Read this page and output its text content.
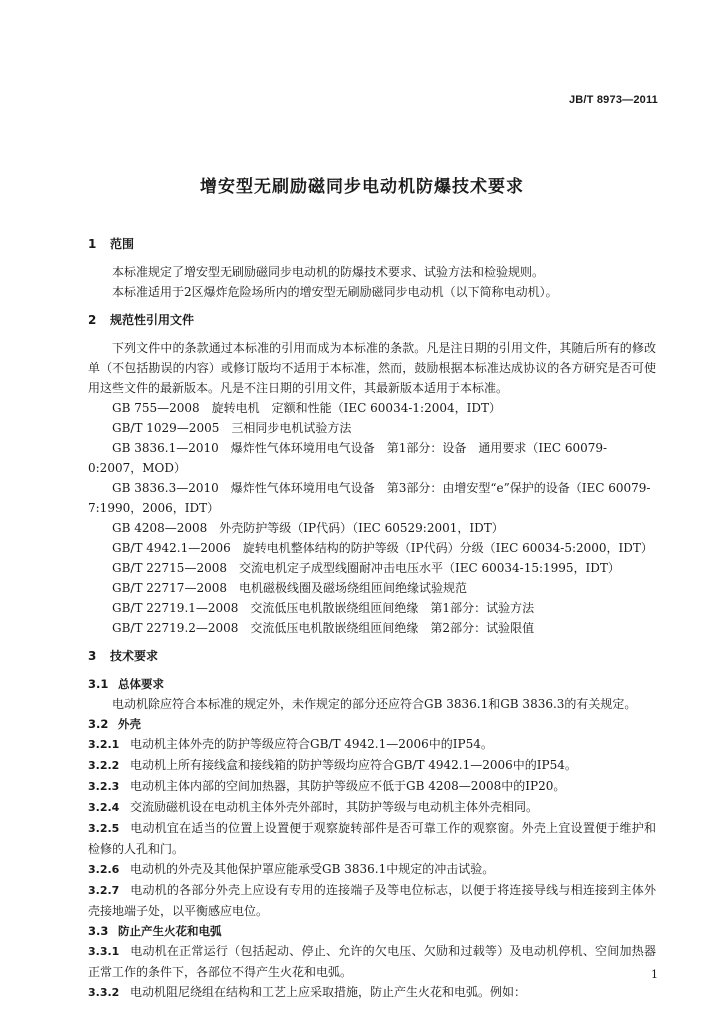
JB/T 8973—2011
增安型无刷励磁同步电动机防爆技术要求
1 范围

本标准规定了增安型无刷励磁同步电动机的防爆技术要求、试验方法和检验规则。

本标准适用于2区爆炸危险场所内的增安型无刷励磁同步电动机（以下简称电动机）。

2 规范性引用文件

下列文件中的条款通过本标准的引用而成为本标准的条款。凡是注日期的引用文件，其随后所有的修改单（不包括勘误的内容）或修订版均不适用于本标准，然而，鼓励根据本标准达成协议的各方研究是否可使用这些文件的最新版本。凡是不注日期的引用文件，其最新版本适用于本标准。

GB 755—2008　旋转电机　定额和性能（IEC 60034-1:2004，IDT）

GB/T 1029—2005　三相同步电机试验方法

GB 3836.1—2010　爆炸性气体环境用电气设备　第1部分：设备　通用要求（IEC 60079-0:2007，MOD）

GB 3836.3—2010　爆炸性气体环境用电气设备　第3部分：由增安型“e”保护的设备（IEC 60079-7:1990，2006，IDT）

GB 4208—2008　外壳防护等级（IP代码）（IEC 60529:2001，IDT）

GB/T 4942.1—2006　旋转电机整体结构的防护等级（IP代码）分级（IEC 60034-5:2000，IDT）

GB/T 22715—2008　交流电机定子成型线圈耐冲击电压水平（IEC 60034-15:1995，IDT）

GB/T 22717—2008　电机磁极线圈及磁场绕组匝间绝缘试验规范

GB/T 22719.1—2008　交流低压电机散嵌绕组匝间绝缘　第1部分：试验方法

GB/T 22719.2—2008　交流低压电机散嵌绕组匝间绝缘　第2部分：试验限值

3 技术要求
3.1 总体要求

电动机除应符合本标准的规定外，未作规定的部分还应符合GB 3836.1和GB 3836.3的有关规定。

3.2 外壳

3.2.1 电动机主体外壳的防护等级应符合GB/T 4942.1—2006中的IP54。

3.2.2 电动机上所有接线盒和接线箱的防护等级均应符合GB/T 4942.1—2006中的IP54。

3.2.3 电动机主体内部的空间加热器，其防护等级应不低于GB 4208—2008中的IP20。

3.2.4 交流励磁机设在电动机主体外壳外部时，其防护等级与电动机主体外壳相同。

3.2.5 电动机宜在适当的位置上设置便于观察旋转部件是否可靠工作的观察窗。外壳上宜设置便于维护和检修的人孔和门。

3.2.6 电动机的外壳及其他保护罩应能承受GB 3836.1中规定的冲击试验。

3.2.7 电动机的各部分外壳上应设有专用的连接端子及等电位标志，以便于将连接导线与相连接到主体外壳接地端子处，以平衡感应电位。

3.3 防止产生火花和电弧

3.3.1 电动机在正常运行（包括起动、停止、允许的欠电压、欠励和过载等）及电动机停机、空间加热器正常工作的条件下，各部位不得产生火花和电弧。

3.3.2 电动机阻尼绕组在结构和工艺上应采取措施，防止产生火花和电弧。例如：

1
